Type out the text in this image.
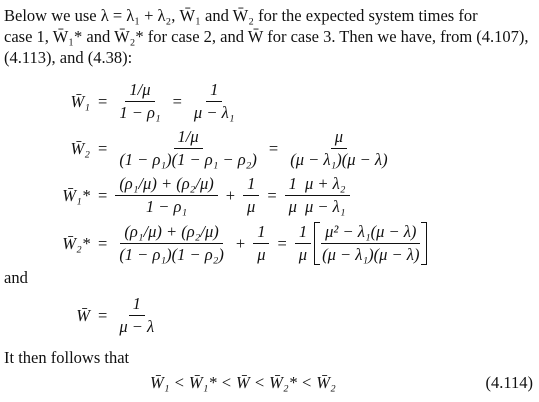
Below we use λ = λ₁ + λ₂, W̄₁ and W̄₂ for the expected system times for
case 1, W̄₁* and W̄₂* for case 2, and W̄ for case 3. Then we have, from (4.107),
(4.113), and (4.38):
W̄₁ = $\frac{1/\mu}{\text{1 − ρ₁}} = \frac{1}{\text{μ − λ₁}}$
W̄₂ = $\frac{1/\mu}{\text{(1 − ρ₁)(1 − ρ₁ − ρ₂)}} = \frac{\mu}{\text{(μ − λ₁)(μ − λ)}}$
W̄₁* = $\frac{\text{(ρ₁/μ) + (ρ₂/μ)}}{\text{1 − ρ₁}} + \frac{1}{\mu} = \frac{1}{\mu} \frac{\text{μ + λ₂}}{\text{μ − λ₁}}$
W̄₂* = $\frac{\text{(ρ₁/μ) + (ρ₂/μ)}}{\text{(1 − ρ₁)(1 − ρ₂)}} + \frac{1}{\mu} = \frac{1}{\mu} \frac{\text{μ² − λ₁(μ − λ)}}{\text{(μ − λ₁)(μ − λ)}}$
and
W̄ = $\frac{1}{\mu - \lambda}$
It then follows that
W̄₁ < W̄₁* < W̄ < W̄₂* < W̄₂	(4.114)
